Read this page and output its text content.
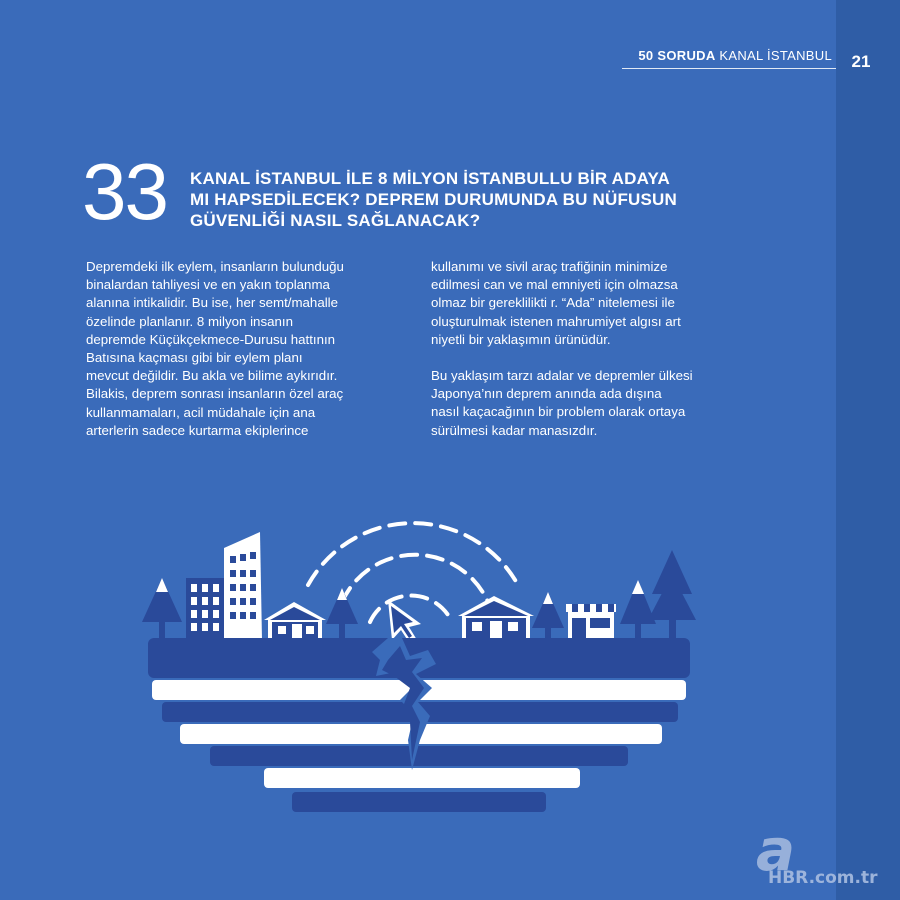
50 SORUDA KANAL İSTANBUL	21
33 KANAL İSTANBUL İLE 8 MİLYON İSTANBULLU BİR ADAYA
MI HAPSEDİLECEK? DEPREM DURUMUNDA BU NÜFUSUN
GÜVENLİĞİ NASIL SAĞLANACAK?

Depremdeki ilk eylem, insanların bulunduğu
binalardan tahliyesi ve en yakın toplanma
alanına intikalidir. Bu ise, her semt/mahalle
özelinde planlanır. 8 milyon insanın
depremde Küçükçekmece-Durusu hattının
Batısına kaçması gibi bir eylem planı
mevcut değildir. Bu akla ve bilime aykırıdır.
Bilakis, deprem sonrası insanların özel araç
kullanmamaları, acil müdahale için ana
arterlerin sadece kurtarma ekiplerince

kullanımı ve sivil araç trafiğinin minimize
edilmesi can ve mal emniyeti için olmazsa
olmaz bir gereklilikti r. “Ada” nitelemesi ile
oluşturulmak istenen mahrumiyet algısı art
niyetli bir yaklaşımın ürünüdür.

Bu yaklaşım tarzı adalar ve depremler ülkesi
Japonya’nın deprem anında ada dışına
nasıl kaçacağının bir problem olarak ortaya
sürülmesi kadar manasızdır.

a
HBR.com.tr
